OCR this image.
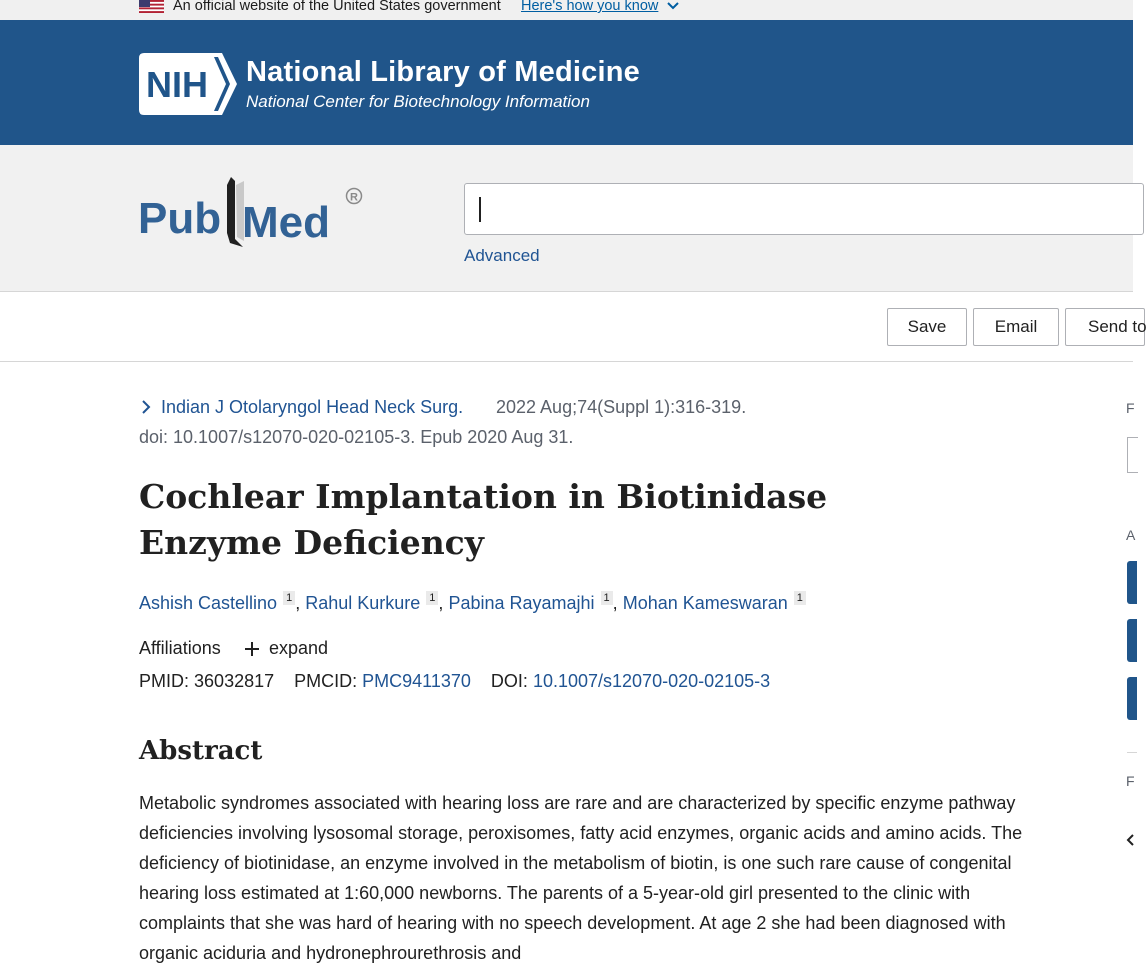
An official website of the United States government Here's how you know
NIH National Library of Medicine
National Center for Biotechnology Information
Pub Med
R
PubMed
Advanced
Save	Email	Send to
Indian J Otolaryngol Head Neck Surg. 2022 Aug;74(Suppl 1):316-319.
doi: 10.1007/s12070-020-02105-3. Epub 2020 Aug 31.
Cochlear Implantation in Biotinidase Enzyme Deficiency
Ashish Castellino 1 , Rahul Kurkure 1 , Pabina Rayamajhi 1 , Mohan Kameswaran 1
Affiliations	expand
PMID: 36032817 PMCID: PMC9411370 DOI: 10.1007/s12070-020-02105-3
Abstract

Metabolic syndromes associated with hearing loss are rare and are characterized by specific enzyme pathway deficiencies involving lysosomal storage, peroxisomes, fatty acid enzymes, organic acids and amino acids. The deficiency of biotinidase, an enzyme involved in the metabolism of biotin, is one such rare cause of congenital hearing loss estimated at 1:60,000 newborns. The parents of a 5-year-old girl presented to the clinic with complaints that she was hard of hearing with no speech development. At age 2 she had been diagnosed with organic aciduria and hydronephrourethrosis and

F
A
F
